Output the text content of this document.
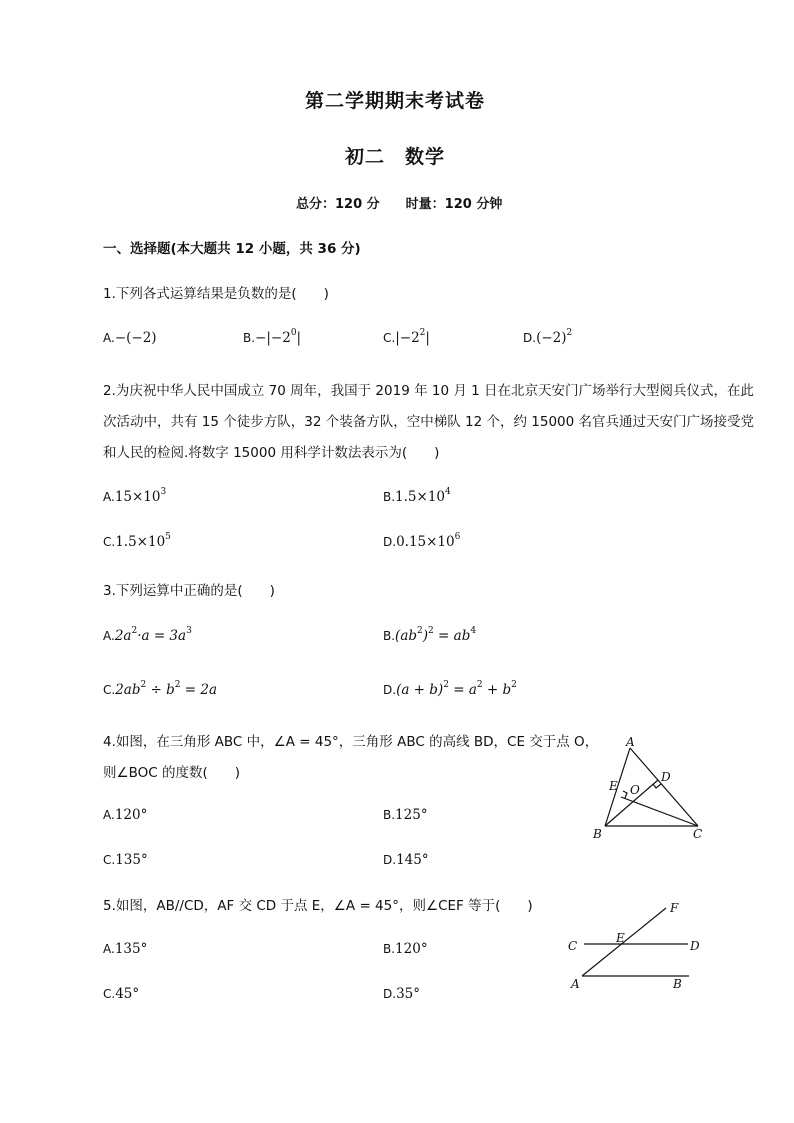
第二学期期末考试卷
初二　数学
总分：120 分　　时量：120 分钟
一、选择题(本大题共 12 小题，共 36 分)
1.下列各式运算结果是负数的是(　　)
A.−(−2)	$B.-|-2^0|$	$C.|-2^2|$	$D.(-2)^2$
2.为庆祝中华人民中国成立 70 周年，我国于 2019 年 10 月 1 日在北京天安门广场举行大型阅兵仪式，在此
次活动中，共有 15 个徒步方队，32 个装备方队，空中梯队 12 个，约 15000 名官兵通过天安门广场接受党
和人民的检阅.将数字 15000 用科学计数法表示为(　　)
$A.15\times 10^3$	$B.1.5\times 10^4$
$C.1.5\times 10^5$	$D.0.15\times 10^6$
3.下列运算中正确的是(　　)
$A.2a^2\cdot a = 3a^3$	$B.(ab^2)^2 = ab^4$
$C.2ab^2 \div b^2 = 2a$	$D.(a + b)^2 = a^2 + b^2$
4.如图，在三角形 ABC 中，∠A = 45°，三角形 ABC 的高线 BD，CE 交于点 O，
则∠BOC 的度数(　　)
A.120°	B.125°
C.135°	D.145°
A
B	C
D
E O
5.如图，AB//CD，AF 交 CD 于点 E，∠A = 45°，则∠CEF 等于(　　)
A.135°	B.120°
C.45°	D.35°
F
C
E
D
A	B
